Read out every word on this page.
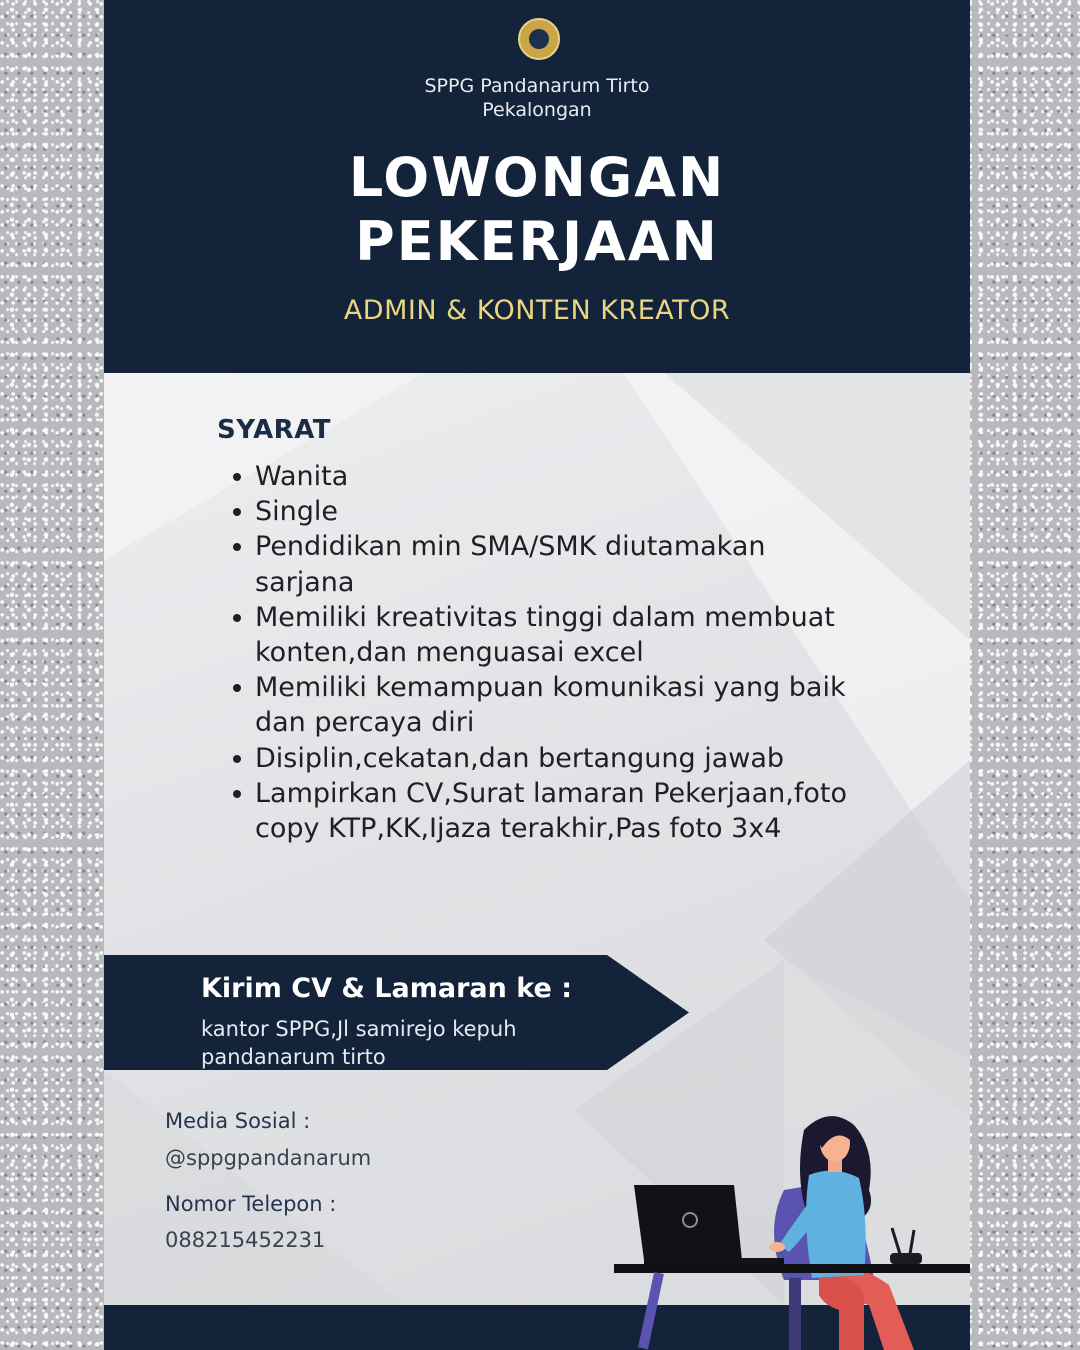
SPPG Pandanarum Tirto
Pekalongan
LOWONGAN
PEKERJAAN
ADMIN & KONTEN KREATOR
SYARAT
Wanita
Single
Pendidikan min SMA/SMK diutamakan sarjana
Memiliki kreativitas tinggi dalam membuat konten,dan menguasai excel
Memiliki kemampuan komunikasi yang baik dan percaya diri
Disiplin,cekatan,dan bertangung jawab
Lampirkan CV,Surat lamaran Pekerjaan,foto copy KTP,KK,Ijaza terakhir,Pas foto 3x4
Kirim CV & Lamaran ke :
kantor SPPG,Jl samirejo kepuh pandanarum tirto
Media Sosial :
@sppgpandanarum
Nomor Telepon :
088215452231
